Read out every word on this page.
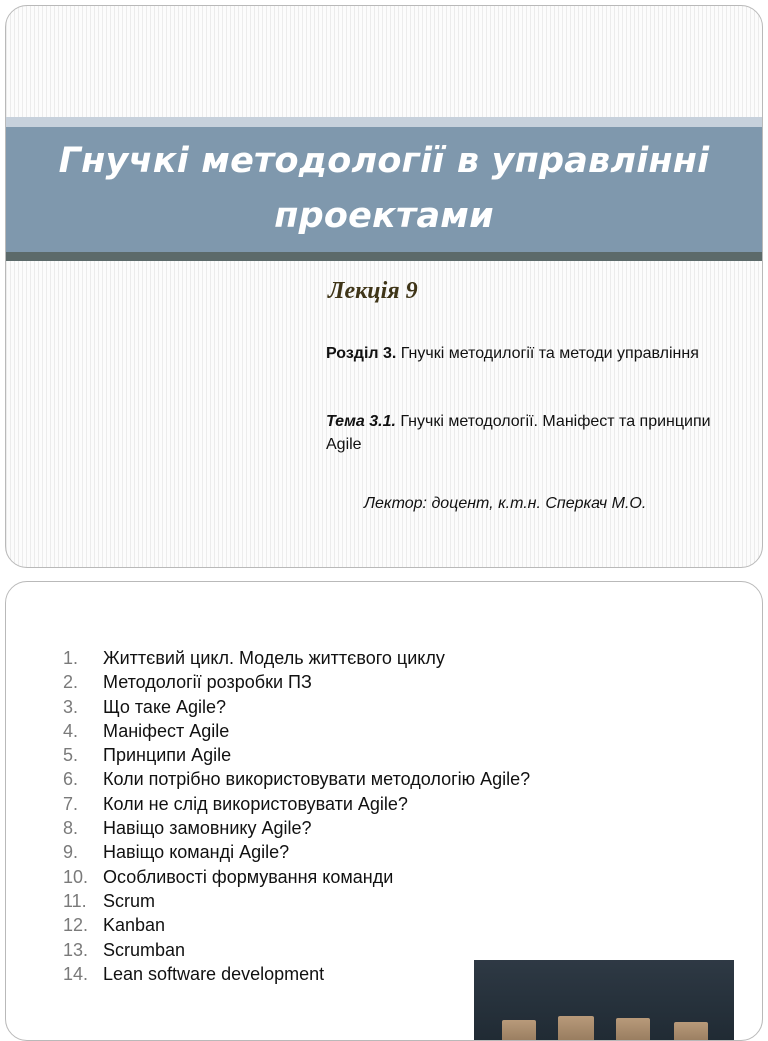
Гнучкі методології в управлінні проектами
Лекція 9
Розділ 3. Гнучкі методилогії та методи управління
Тема 3.1. Гнучкі методології. Маніфест та принципи Agile
Лектор: доцент, к.т.н. Сперкач М.О.
1. Життєвий цикл. Модель життєвого циклу
2. Методології розробки ПЗ
3. Що таке Agile?
4. Маніфест Agile
5. Принципи Agile
6. Коли потрібно використовувати методологію Agile?
7. Коли не слід використовувати Agile?
8. Навіщо замовнику Agile?
9. Навіщо команді Agile?
10. Особливості формування команди
11. Scrum
12. Kanban
13. Scrumban
14. Lean software development
